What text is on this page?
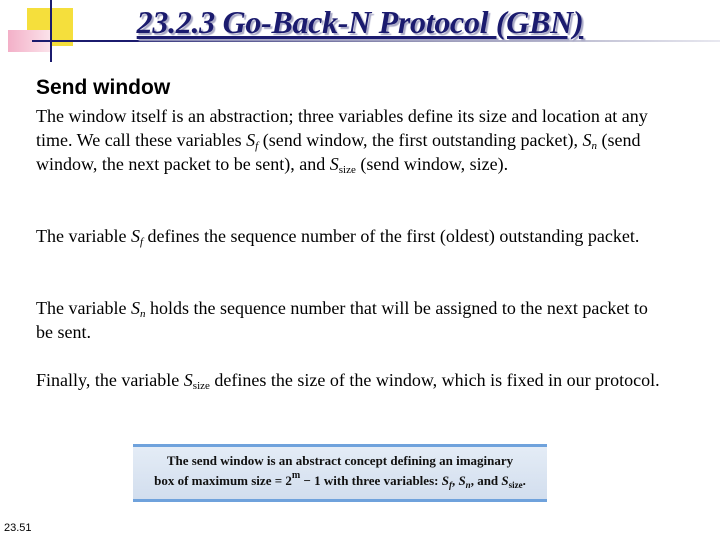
23.2.3 Go-Back-N Protocol (GBN)
Send window

The window itself is an abstraction; three variables define its size and location at any time. We call these variables $S_f$ (send window, the first outstanding packet), $S_n$ (send window, the next packet to be sent), and $S_{size}$ (send window, size).

The variable $S_f$ defines the sequence number of the first (oldest) outstanding packet.

The variable $S_n$ holds the sequence number that will be assigned to the next packet to be sent.

Finally, the variable $S_{size}$ defines the size of the window, which is fixed in our protocol.

The send window is an abstract concept defining an imaginary
box of maximum size = $2^m - 1$ with three variables: $S_f$, $S_n$, and $S_{size}$.
23.51
